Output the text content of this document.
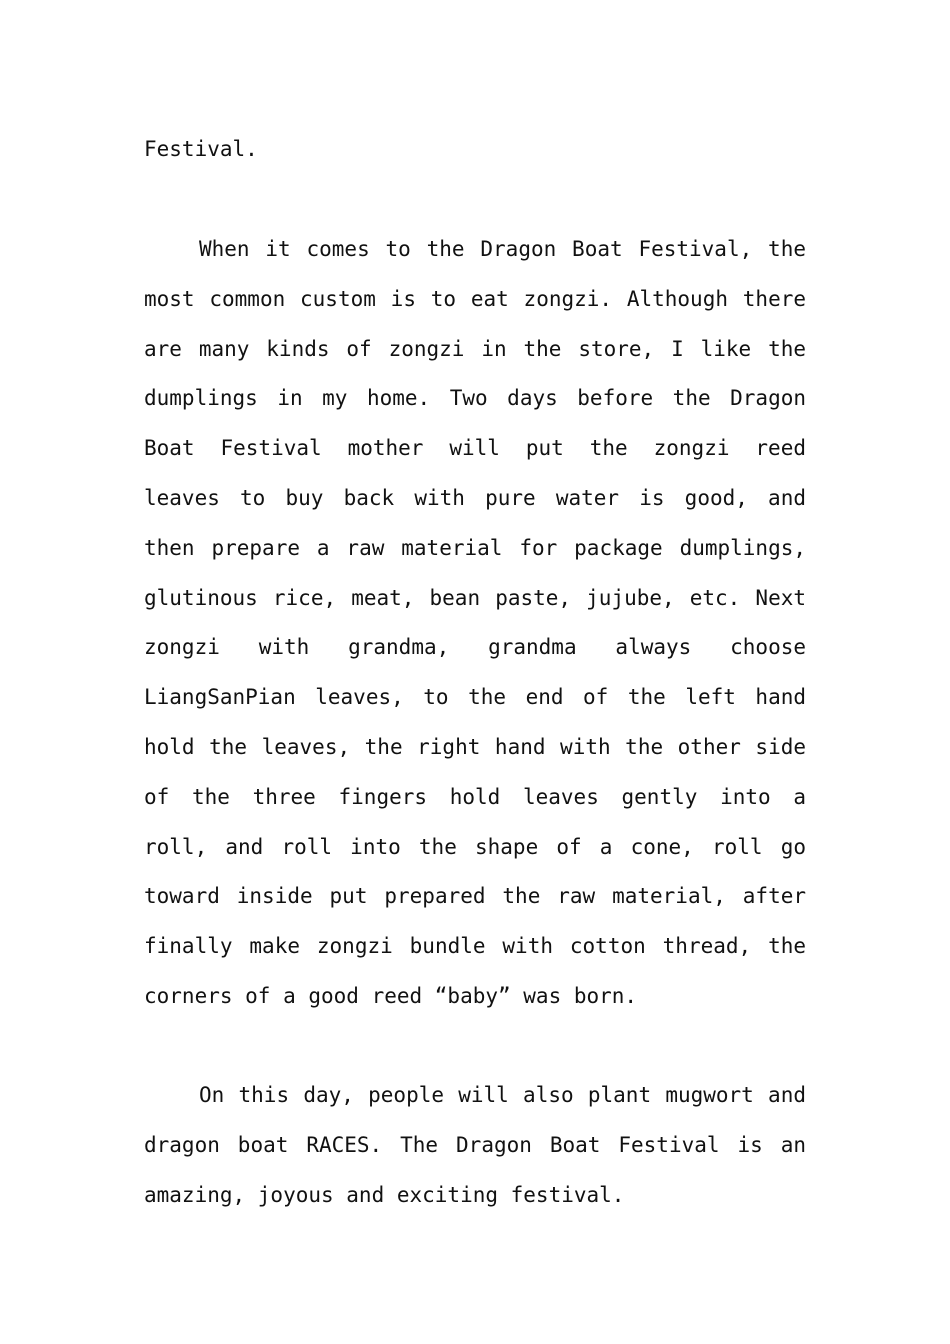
Festival.
When it comes to the Dragon Boat Festival, the
most common custom is to eat zongzi. Although there
are many kinds of zongzi in the store, I like the
dumplings in my home. Two days before the Dragon
Boat Festival mother will put the zongzi reed
leaves to buy back with pure water is good, and
then prepare a raw material for package dumplings,
glutinous rice, meat, bean paste, jujube, etc. Next
zongzi with grandma, grandma always choose
LiangSanPian leaves, to the end of the left hand
hold the leaves, the right hand with the other side
of the three fingers hold leaves gently into a
roll, and roll into the shape of a cone, roll go
toward inside put prepared the raw material, after
finally make zongzi bundle with cotton thread, the
corners of a good reed “baby” was born.
On this day, people will also plant mugwort and
dragon boat RACES. The Dragon Boat Festival is an
amazing, joyous and exciting festival.
